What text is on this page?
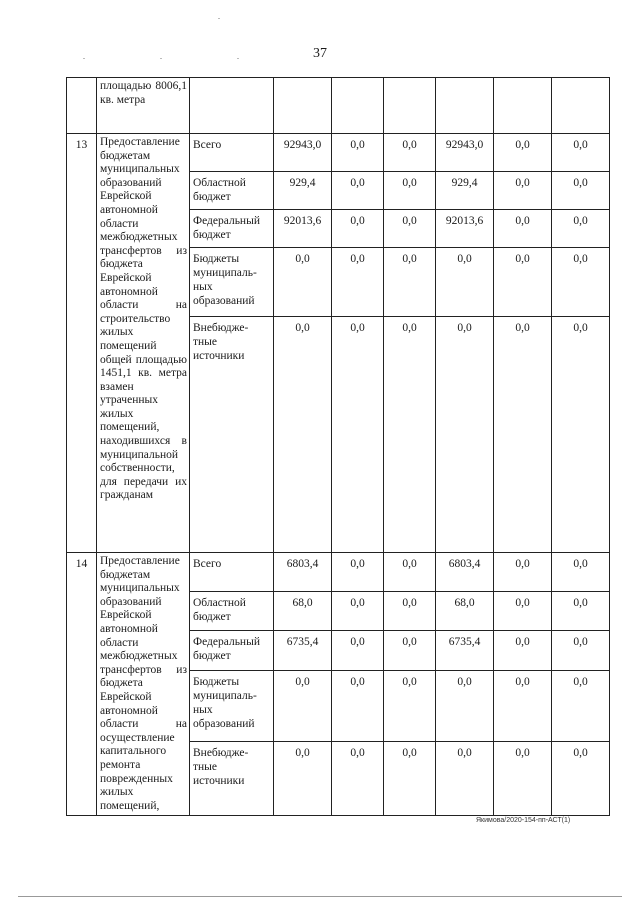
37
	площадью 8006,1 кв. метра							
13	Предоставление бюджетам муниципальных образований Еврейской автономной области межбюджетных трансфертов из бюджета Еврейской автономной области на строительство жилых помещений общей площадью 1451,1 кв. метра взамен утраченных жилых помещений, находившихся в муниципальной собственности, для передачи их гражданам	Всего	92943,0	0,0	0,0	92943,0	0,0	0,0
		Областной бюджет	929,4	0,0	0,0	929,4	0,0	0,0
		Федеральный бюджет	92013,6	0,0	0,0	92013,6	0,0	0,0
		Бюджеты муниципаль-ных образований	0,0	0,0	0,0	0,0	0,0	0,0
		Внебюдже-тные источники	0,0	0,0	0,0	0,0	0,0	0,0
14	Предоставление бюджетам муниципальных образований Еврейской автономной области межбюджетных трансфертов из бюджета Еврейской автономной области на осуществление капитального ремонта поврежденных жилых помещений,	Всего	6803,4	0,0	0,0	6803,4	0,0	0,0
		Областной бюджет	68,0	0,0	0,0	68,0	0,0	0,0
		Федеральный бюджет	6735,4	0,0	0,0	6735,4	0,0	0,0
		Бюджеты муниципаль-ных образований	0,0	0,0	0,0	0,0	0,0	0,0
		Внебюдже-тные источники	0,0	0,0	0,0	0,0	0,0	0,0
Якимова/2020-154-пп-АСТ(1)
